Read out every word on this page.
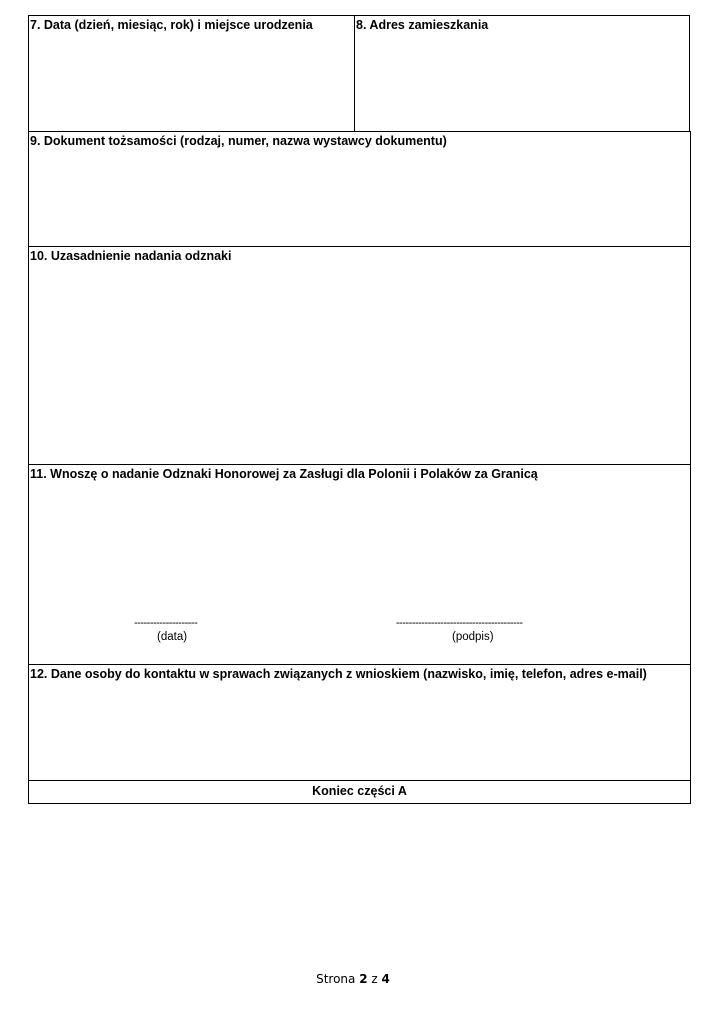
7. Data (dzień, miesiąc, rok) i miejsce urodzenia	8. Adres zamieszkania
9. Dokument tożsamości (rodzaj, numer, nazwa wystawcy dokumentu)
10. Uzasadnienie nadania odznaki
11. Wnoszę o nadanie Odznaki Honorowej za Zasługi dla Polonii i Polaków za Granicą
--------------------
(data)
----------------------------------------
(podpis)
12. Dane osoby do kontaktu w sprawach związanych z wnioskiem (nazwisko, imię, telefon, adres e-mail)
Koniec części A
Strona 2 z 4
